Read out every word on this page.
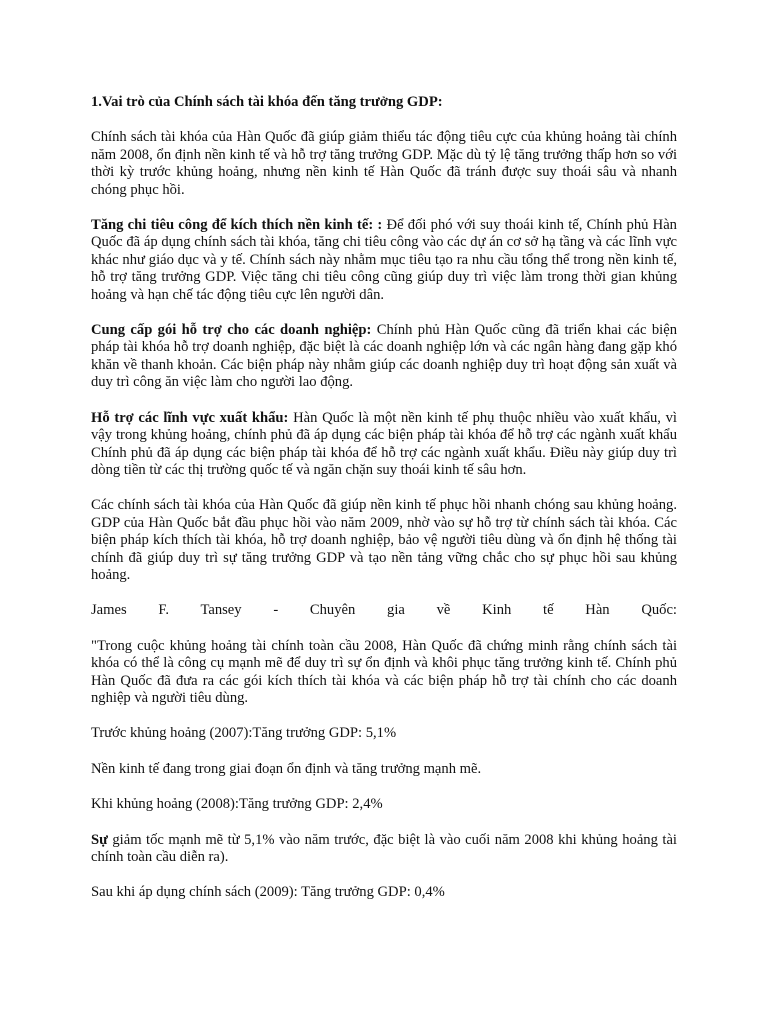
1.Vai trò của Chính sách tài khóa đến tăng trưởng GDP:

Chính sách tài khóa của Hàn Quốc đã giúp giảm thiểu tác động tiêu cực của khủng hoảng tài chính năm 2008, ổn định nền kinh tế và hỗ trợ tăng trưởng GDP. Mặc dù tỷ lệ tăng trưởng thấp hơn so với thời kỳ trước khủng hoảng, nhưng nền kinh tế Hàn Quốc đã tránh được suy thoái sâu và nhanh chóng phục hồi.

Tăng chi tiêu công để kích thích nền kinh tế: : Để đối phó với suy thoái kinh tế, Chính phủ Hàn Quốc đã áp dụng chính sách tài khóa, tăng chi tiêu công vào các dự án cơ sở hạ tầng và các lĩnh vực khác như giáo dục và y tế. Chính sách này nhằm mục tiêu tạo ra nhu cầu tổng thể trong nền kinh tế, hỗ trợ tăng trưởng GDP. Việc tăng chi tiêu công cũng giúp duy trì việc làm trong thời gian khủng hoảng và hạn chế tác động tiêu cực lên người dân.

Cung cấp gói hỗ trợ cho các doanh nghiệp: Chính phủ Hàn Quốc cũng đã triển khai các biện pháp tài khóa hỗ trợ doanh nghiệp, đặc biệt là các doanh nghiệp lớn và các ngân hàng đang gặp khó khăn về thanh khoản. Các biện pháp này nhằm giúp các doanh nghiệp duy trì hoạt động sản xuất và duy trì công ăn việc làm cho người lao động.

Hỗ trợ các lĩnh vực xuất khẩu: Hàn Quốc là một nền kinh tế phụ thuộc nhiều vào xuất khẩu, vì vậy trong khủng hoảng, chính phủ đã áp dụng các biện pháp tài khóa để hỗ trợ các ngành xuất khẩu Chính phủ đã áp dụng các biện pháp tài khóa để hỗ trợ các ngành xuất khẩu. Điều này giúp duy trì dòng tiền từ các thị trường quốc tế và ngăn chặn suy thoái kinh tế sâu hơn.

Các chính sách tài khóa của Hàn Quốc đã giúp nền kinh tế phục hồi nhanh chóng sau khủng hoảng. GDP của Hàn Quốc bắt đầu phục hồi vào năm 2009, nhờ vào sự hỗ trợ từ chính sách tài khóa. Các biện pháp kích thích tài khóa, hỗ trợ doanh nghiệp, bảo vệ người tiêu dùng và ổn định hệ thống tài chính đã giúp duy trì sự tăng trưởng GDP và tạo nền tảng vững chắc cho sự phục hồi sau khủng hoảng.

James F. Tansey - Chuyên gia về Kinh tế Hàn Quốc:

"Trong cuộc khủng hoảng tài chính toàn cầu 2008, Hàn Quốc đã chứng minh rằng chính sách tài khóa có thể là công cụ mạnh mẽ để duy trì sự ổn định và khôi phục tăng trưởng kinh tế. Chính phủ Hàn Quốc đã đưa ra các gói kích thích tài khóa và các biện pháp hỗ trợ tài chính cho các doanh nghiệp và người tiêu dùng.

Trước khủng hoảng (2007):Tăng trưởng GDP: 5,1%

Nền kinh tế đang trong giai đoạn ổn định và tăng trưởng mạnh mẽ.

Khi khủng hoảng (2008):Tăng trưởng GDP: 2,4%

Sự giảm tốc mạnh mẽ từ 5,1% vào năm trước, đặc biệt là vào cuối năm 2008 khi khủng hoảng tài chính toàn cầu diễn ra).

Sau khi áp dụng chính sách (2009): Tăng trưởng GDP: 0,4%
